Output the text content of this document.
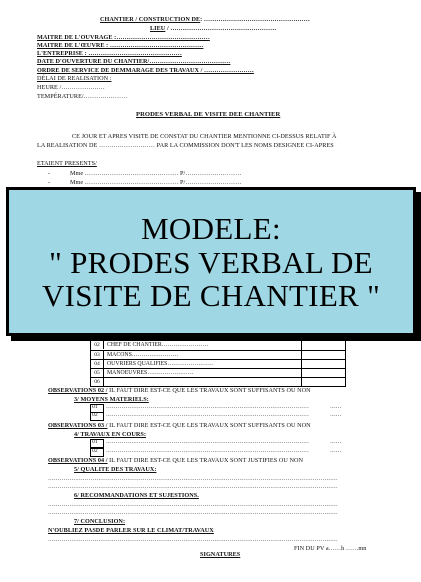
CHANTIER / CONSTRUCTION DE: ……………………………………………
LIEU / ……………………………………………
MAITRE DE L'OUVRAGE :………………………………………
MAITRE DE L'ŒUVRE : ………………………………………
L'ENTREPRISE : ………………………………………
DATE D'OUVERTURE DU CHANTIER/…………………………………
ORDRE DE SERVICE DE DEMMARAGE DES TRAVAUX / ……………………
DÉLAI DE REALISATION :
HEURE /…………………
TEMPÉRATURE/…………………
PRODES VERBAL DE VISITE DEE CHANTIER
CE JOUR ET APRES VISITE DE CONSTAT DU CHANTIER MENTIONNE CI-DESSUS RELATIF À
LA REALISATION DE ……………………… PAR LA COMMISSION DON'T LES NOMS DESIGNEE CI-APRES
ETAIENT PRESENTS/
-	Mme ……………………………………… P/………………………
-	Mme ……………………………………… P/………………………
MODELE:
" PRODES VERBAL DE
VISITE DE CHANTIER "
02	CHEF DE CHANTIER……………………
03	MACONS……………………
04	OUVRIERS QUALIFIES……………………
05	MANOEUVRES……………………
06
OBSERVATIONS 02 / IL FAUT DIRE EST-CE QUE LES TRAVAUX SONT SUFFISANTS OU NON
3/ MOYENS MATERIELS:
01 ……………………………………………………………………………………………	……
02 ……………………………………………………………………………………………	……
OBSERVATIONS 03 / IL FAUT DIRE EST-CE QUE LES TRAVAUX SONT SUFFISANTS OU NON
4/ TRAVAUX EN COURS:
01 ……………………………………………………………………………………………	……
02 ……………………………………………………………………………………………	……
OBSERVATIONS 04 / IL FAUT DIRE EST-CE QUE LES TRAVAUX SONT JUSTIFIES OU NON
5/ QUALITE DES TRAVAUX:
……………………………………………………………………………………………………………………………………
……………………………………………………………………………………………………………………………………
6/ RECOMMANDATIONS ET SUJESTIONS.
……………………………………………………………………………………………………………………………………
……………………………………………………………………………………………………………………………………
7/ CONCLUSION:
N'OUBLIEZ PASDE PARLER SUR LE CLIMAT/TRAVAUX
……………………………………………………………………………………………………………………………………
FIN DU PV a……h ……mn
SIGNATURES
